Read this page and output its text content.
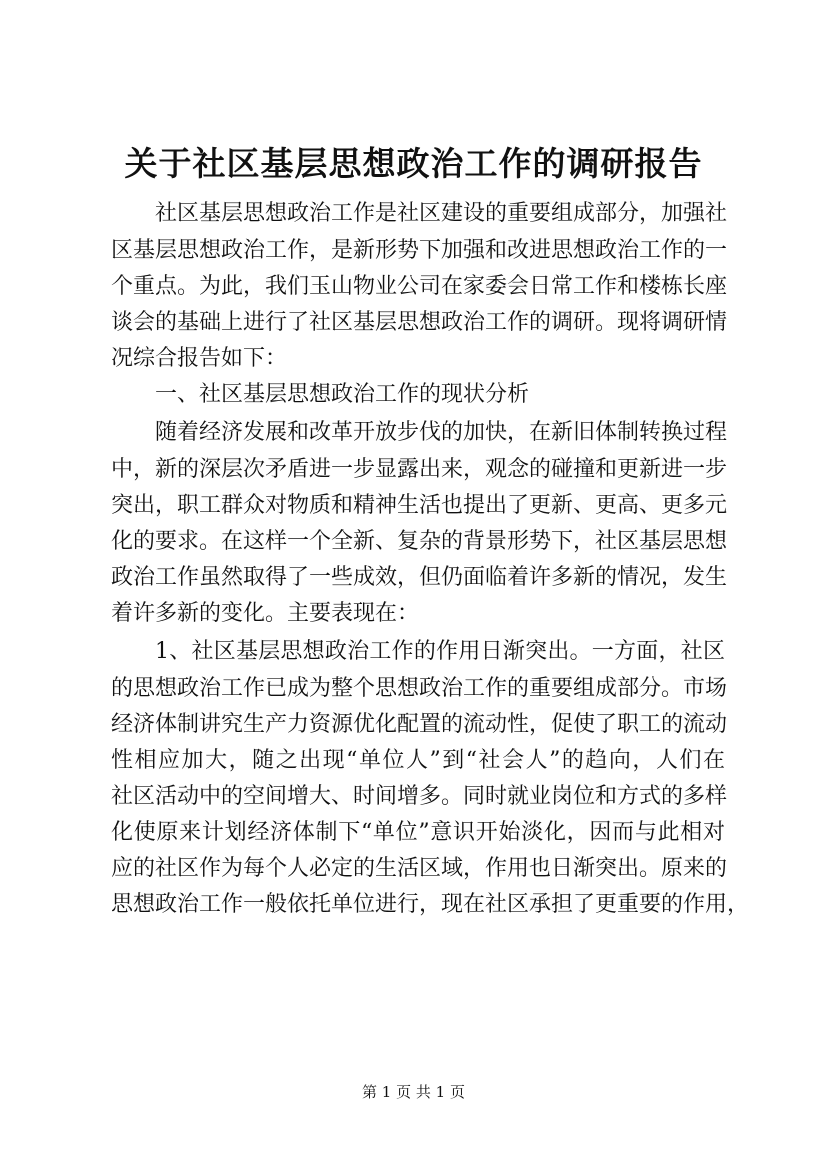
关于社区基层思想政治工作的调研报告
社区基层思想政治工作是社区建设的重要组成部分，加强社
区基层思想政治工作，是新形势下加强和改进思想政治工作的一
个重点。为此，我们玉山物业公司在家委会日常工作和楼栋长座
谈会的基础上进行了社区基层思想政治工作的调研。现将调研情
况综合报告如下：
一、社区基层思想政治工作的现状分析
随着经济发展和改革开放步伐的加快，在新旧体制转换过程
中，新的深层次矛盾进一步显露出来，观念的碰撞和更新进一步
突出，职工群众对物质和精神生活也提出了更新、更高、更多元
化的要求。在这样一个全新、复杂的背景形势下，社区基层思想
政治工作虽然取得了一些成效，但仍面临着许多新的情况，发生
着许多新的变化。主要表现在：
1、社区基层思想政治工作的作用日渐突出。一方面，社区
的思想政治工作已成为整个思想政治工作的重要组成部分。市场
经济体制讲究生产力资源优化配置的流动性，促使了职工的流动
性相应加大，随之出现“单位人”到“社会人”的趋向，人们在
社区活动中的空间增大、时间增多。同时就业岗位和方式的多样
化使原来计划经济体制下“单位”意识开始淡化，因而与此相对
应的社区作为每个人必定的生活区域，作用也日渐突出。原来的
思想政治工作一般依托单位进行，现在社区承担了更重要的作用，
第 1 页 共 1 页
